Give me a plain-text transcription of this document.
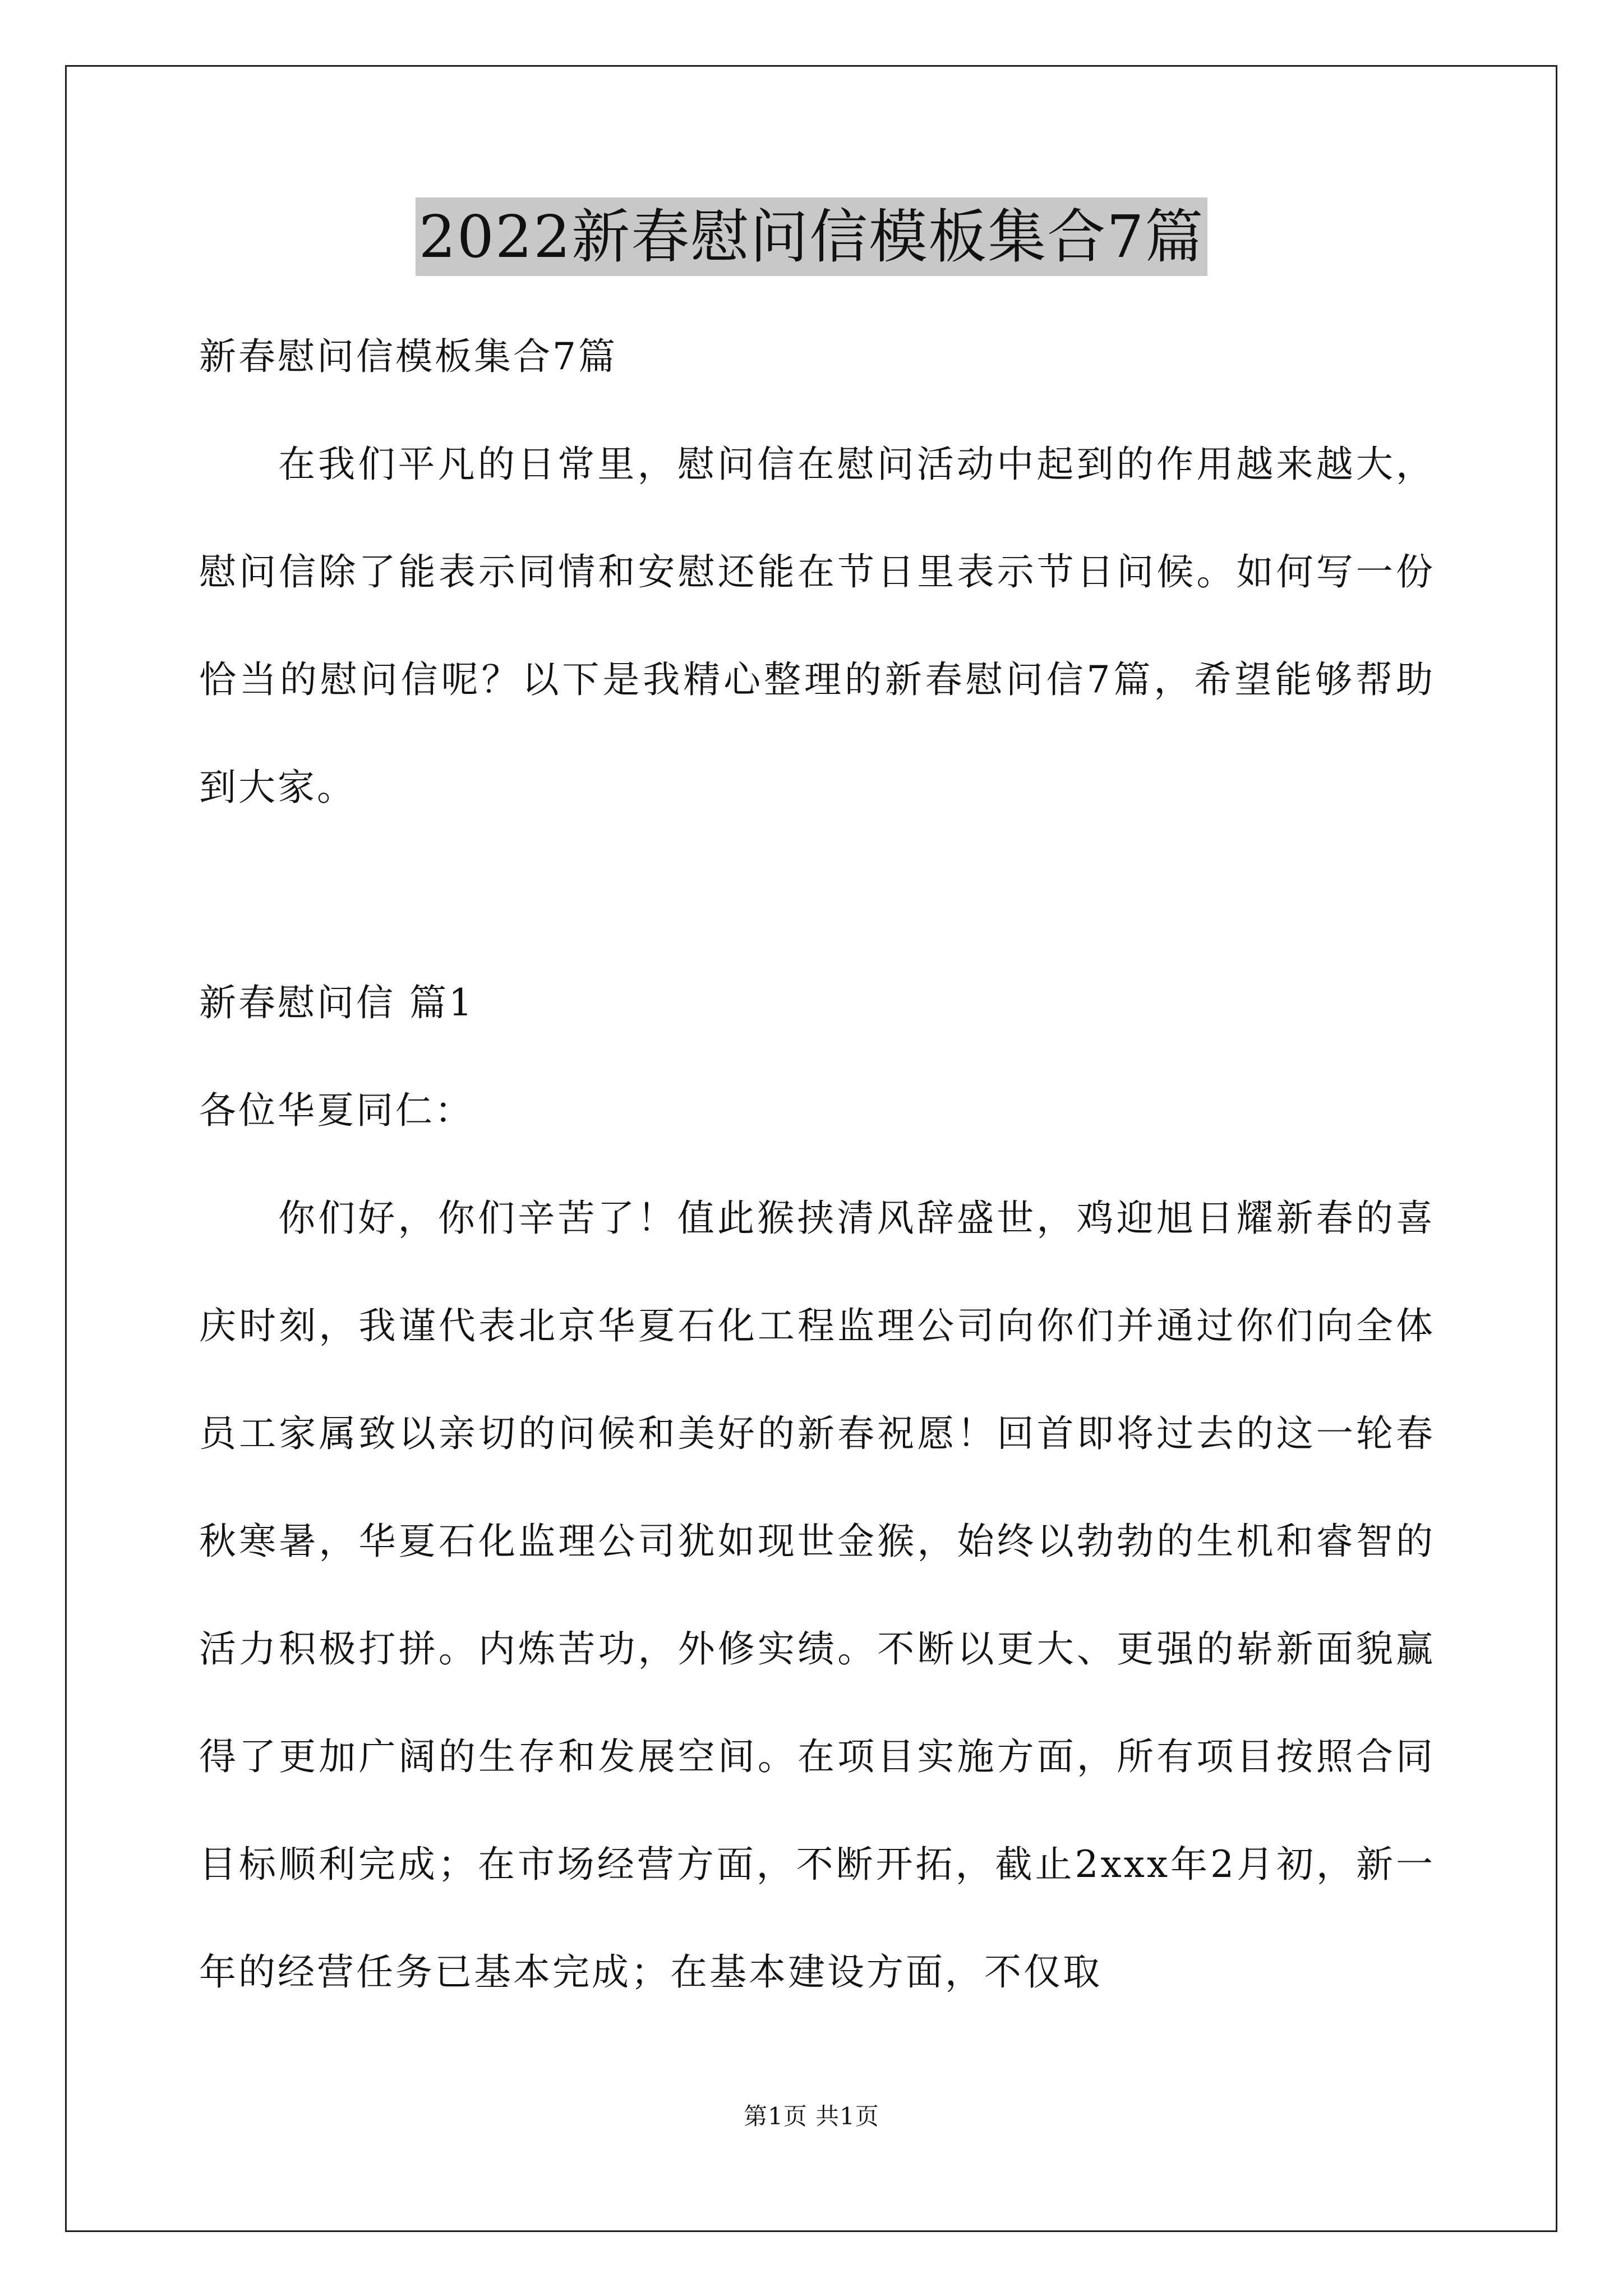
2022新春慰问信模板集合7篇

新春慰问信模板集合7篇

在我们平凡的日常里，慰问信在慰问活动中起到的作用越来越大，慰问信除了能表示同情和安慰还能在节日里表示节日问候。如何写一份恰当的慰问信呢？以下是我精心整理的新春慰问信7篇，希望能够帮助到大家。

新春慰问信 篇1

各位华夏同仁：

你们好，你们辛苦了！值此猴挟清风辞盛世，鸡迎旭日耀新春的喜庆时刻，我谨代表北京华夏石化工程监理公司向你们并通过你们向全体员工家属致以亲切的问候和美好的新春祝愿！回首即将过去的这一轮春秋寒暑，华夏石化监理公司犹如现世金猴，始终以勃勃的生机和睿智的活力积极打拼。内炼苦功，外修实绩。不断以更大、更强的崭新面貌赢得了更加广阔的生存和发展空间。在项目实施方面，所有项目按照合同目标顺利完成；在市场经营方面，不断开拓，截止2xxx年2月初，新一年的经营任务已基本完成；在基本建设方面，不仅取

第1页 共1页
